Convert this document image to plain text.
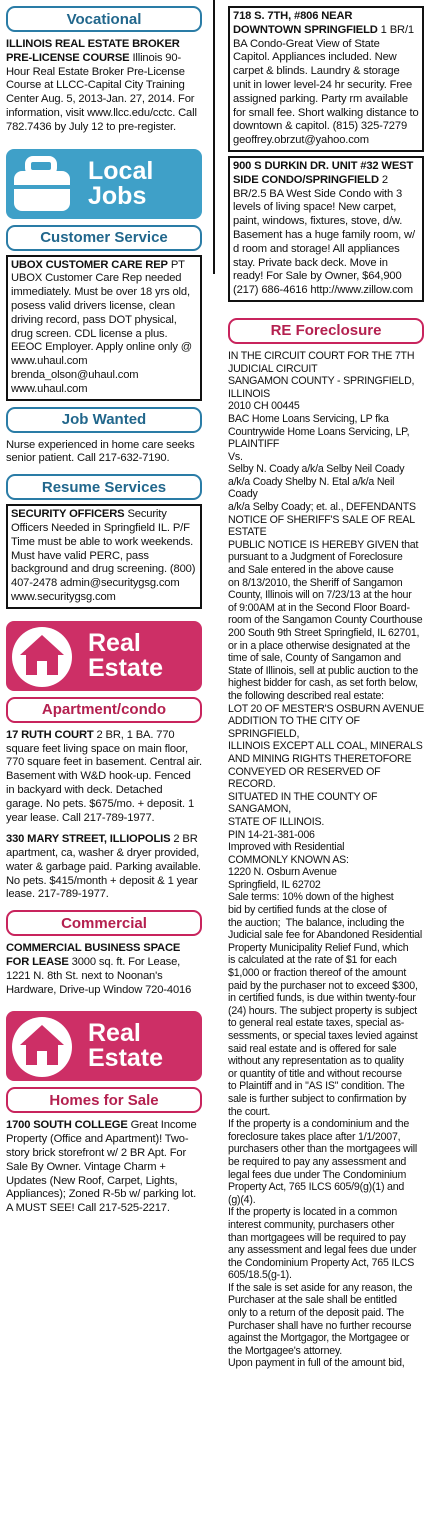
Vocational
ILLINOIS REAL ESTATE BROKER PRE-LICENSE COURSE Illinois 90-Hour Real Estate Broker Pre-License Course at LLCC-Capital City Training Center Aug. 5, 2013-Jan. 27, 2014. For information, visit www.llcc.edu/cctc. Call 782.7436 by July 12 to pre-register.
Local
Jobs
Customer Service
UBOX CUSTOMER CARE REP PT UBOX Customer Care Rep needed immediately. Must be over 18 yrs old, posess valid drivers license, clean driving record, pass DOT physical, drug screen. CDL license a plus. EEOC Employer. Apply online only @ www.uhaul.com brenda_olson@uhaul.com www.uhaul.com
Job Wanted
Nurse experienced in home care seeks senior patient. Call 217-632-7190.
Resume Services
SECURITY OFFICERS Security Officers Needed in Springfield IL. P/F Time must be able to work weekends. Must have valid PERC, pass background and drug screening. (800) 407-2478 admin@securitygsg.com www.securitygsg.com
Real
Estate
Apartment/condo
17 RUTH COURT 2 BR, 1 BA. 770 square feet living space on main floor, 770 square feet in basement. Central air. Basement with W&D hook-up. Fenced in backyard with deck. Detached garage. No pets. $675/mo. + deposit. 1 year lease. Call 217-789-1977.
330 MARY STREET, ILLIOPOLIS 2 BR apartment, ca, washer & dryer provided, water & garbage paid. Parking available. No pets. $415/month + deposit & 1 year lease. 217-789-1977.
Commercial
COMMERCIAL BUSINESS SPACE FOR LEASE 3000 sq. ft. For Lease, 1221 N. 8th St. next to Noonan's Hardware, Drive-up Window 720-4016
Real
Estate
Homes for Sale
1700 SOUTH COLLEGE Great Income Property (Office and Apartment)! Two-story brick storefront w/ 2 BR Apt. For Sale By Owner. Vintage Charm + Updates (New Roof, Carpet, Lights, Appliances); Zoned R-5b w/ parking lot. A MUST SEE! Call 217-525-2217.
718 S. 7TH, #806 NEAR DOWNTOWN SPRINGFIELD 1 BR/1 BA Condo-Great View of State Capitol. Appliances included. New carpet & blinds. Laundry & storage unit in lower level-24 hr security. Free assigned parking. Party rm available for small fee. Short walking distance to downtown & capitol. (815) 325-7279 geoffrey.obrzut@yahoo.com
900 S DURKIN DR. UNIT #32 WEST SIDE CONDO/SPRINGFIELD 2 BR/2.5 BA West Side Condo with 3 levels of living space! New carpet, paint, windows, fixtures, stove, d/w. Basement has a huge family room, w/ d room and storage! All appliances stay. Private back deck. Move in ready! For Sale by Owner, $64,900 (217) 686-4616 http://www.zillow.com
RE Foreclosure
IN THE CIRCUIT COURT FOR THE 7TH
JUDICIAL CIRCUIT
SANGAMON COUNTY - SPRINGFIELD,
ILLINOIS
2010 CH 00445
BAC Home Loans Servicing, LP fka
Countrywide Home Loans Servicing, LP,
PLAINTIFF
Vs.
Selby N. Coady a/k/a Selby Neil Coady
a/k/a Coady Shelby N. Etal a/k/a Neil Coady
a/k/a Selby Coady; et. al., DEFENDANTS
NOTICE OF SHERIFF'S SALE OF REAL
ESTATE
PUBLIC NOTICE IS HEREBY GIVEN that
pursuant to a Judgment of Foreclosure
and Sale entered in the above cause
on 8/13/2010, the Sheriff of Sangamon
County, Illinois will on 7/23/13 at the hour
of 9:00AM at in the Second Floor Board-
room of the Sangamon County Courthouse
200 South 9th Street Springfield, IL 62701,
or in a place otherwise designated at the
time of sale, County of Sangamon and
State of Illinois, sell at public auction to the
highest bidder for cash, as set forth below,
the following described real estate:
LOT 20 OF MESTER'S OSBURN AVENUE
ADDITION TO THE CITY OF SPRINGFIELD,
ILLINOIS EXCEPT ALL COAL, MINERALS
AND MINING RIGHTS THERETOFORE
CONVEYED OR RESERVED OF RECORD.
SITUATED IN THE COUNTY OF SANGAMON,
STATE OF ILLINOIS.
PIN 14-21-381-006
Improved with Residential
COMMONLY KNOWN AS:
1220 N. Osburn Avenue
Springfield, IL 62702
Sale terms: 10% down of the highest
bid by certified funds at the close of
the auction;  The balance, including the
Judicial sale fee for Abandoned Residential
Property Municipality Relief Fund, which
is calculated at the rate of $1 for each
$1,000 or fraction thereof of the amount
paid by the purchaser not to exceed $300,
in certified funds, is due within twenty-four
(24) hours. The subject property is subject
to general real estate taxes, special as-
sessments, or special taxes levied against
said real estate and is offered for sale
without any representation as to quality
or quantity of title and without recourse
to Plaintiff and in "AS IS" condition. The
sale is further subject to confirmation by
the court.
If the property is a condominium and the
foreclosure takes place after 1/1/2007,
purchasers other than the mortgagees will
be required to pay any assessment and
legal fees due under The Condominium
Property Act, 765 ILCS 605/9(g)(1) and
(g)(4).
If the property is located in a common
interest community, purchasers other
than mortgagees will be required to pay
any assessment and legal fees due under
the Condominium Property Act, 765 ILCS
605/18.5(g-1).
If the sale is set aside for any reason, the
Purchaser at the sale shall be entitled
only to a return of the deposit paid. The
Purchaser shall have no further recourse
against the Mortgagor, the Mortgagee or
the Mortgagee's attorney.
Upon payment in full of the amount bid,
